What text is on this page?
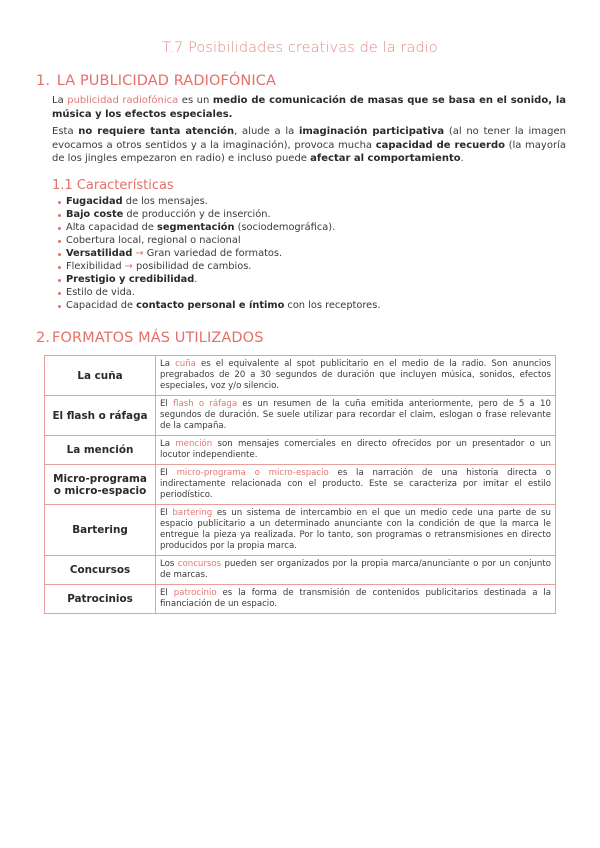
T.7 Posibilidades creativas de la radio
1. LA PUBLICIDAD RADIOFÓNICA
La publicidad radiofónica es un medio de comunicación de masas que se basa en el sonido, la música y los efectos especiales.
Esta no requiere tanta atención, alude a la imaginación participativa (al no tener la imagen evocamos a otros sentidos y a la imaginación), provoca mucha capacidad de recuerdo (la mayoría de los jingles empezaron en radio) e incluso puede afectar al comportamiento.
1.1 Características
Fugacidad de los mensajes.
Bajo coste de producción y de inserción.
Alta capacidad de segmentación (sociodemográfica).
Cobertura local, regional o nacional
Versatilidad → Gran variedad de formatos.
Flexibilidad → posibilidad de cambios.
Prestigio y credibilidad.
Estilo de vida.
Capacidad de contacto personal e íntimo con los receptores.
2. FORMATOS MÁS UTILIZADOS
La cuña	La cuña es el equivalente al spot publicitario en el medio de la radio. Son anuncios pregrabados de 20 a 30 segundos de duración que incluyen música, sonidos, efectos especiales, voz y/o silencio.
El flash o ráfaga	El flash o ráfaga es un resumen de la cuña emitida anteriormente, pero de 5 a 10 segundos de duración. Se suele utilizar para recordar el claim, eslogan o frase relevante de la campaña.
La mención	La mención son mensajes comerciales en directo ofrecidos por un presentador o un locutor independiente.
Micro-programa o micro-espacio	El micro-programa o micro-espacio es la narración de una historia directa o indirectamente relacionada con el producto. Este se caracteriza por imitar el estilo periodístico.
Bartering	El bartering es un sistema de intercambio en el que un medio cede una parte de su espacio publicitario a un determinado anunciante con la condición de que la marca le entregue la pieza ya realizada. Por lo tanto, son programas o retransmisiones en directo producidos por la propia marca.
Concursos	Los concursos pueden ser organizados por la propia marca/anunciante o por un conjunto de marcas.
Patrocinios	El patrocinio es la forma de transmisión de contenidos publicitarios destinada a la financiación de un espacio.
